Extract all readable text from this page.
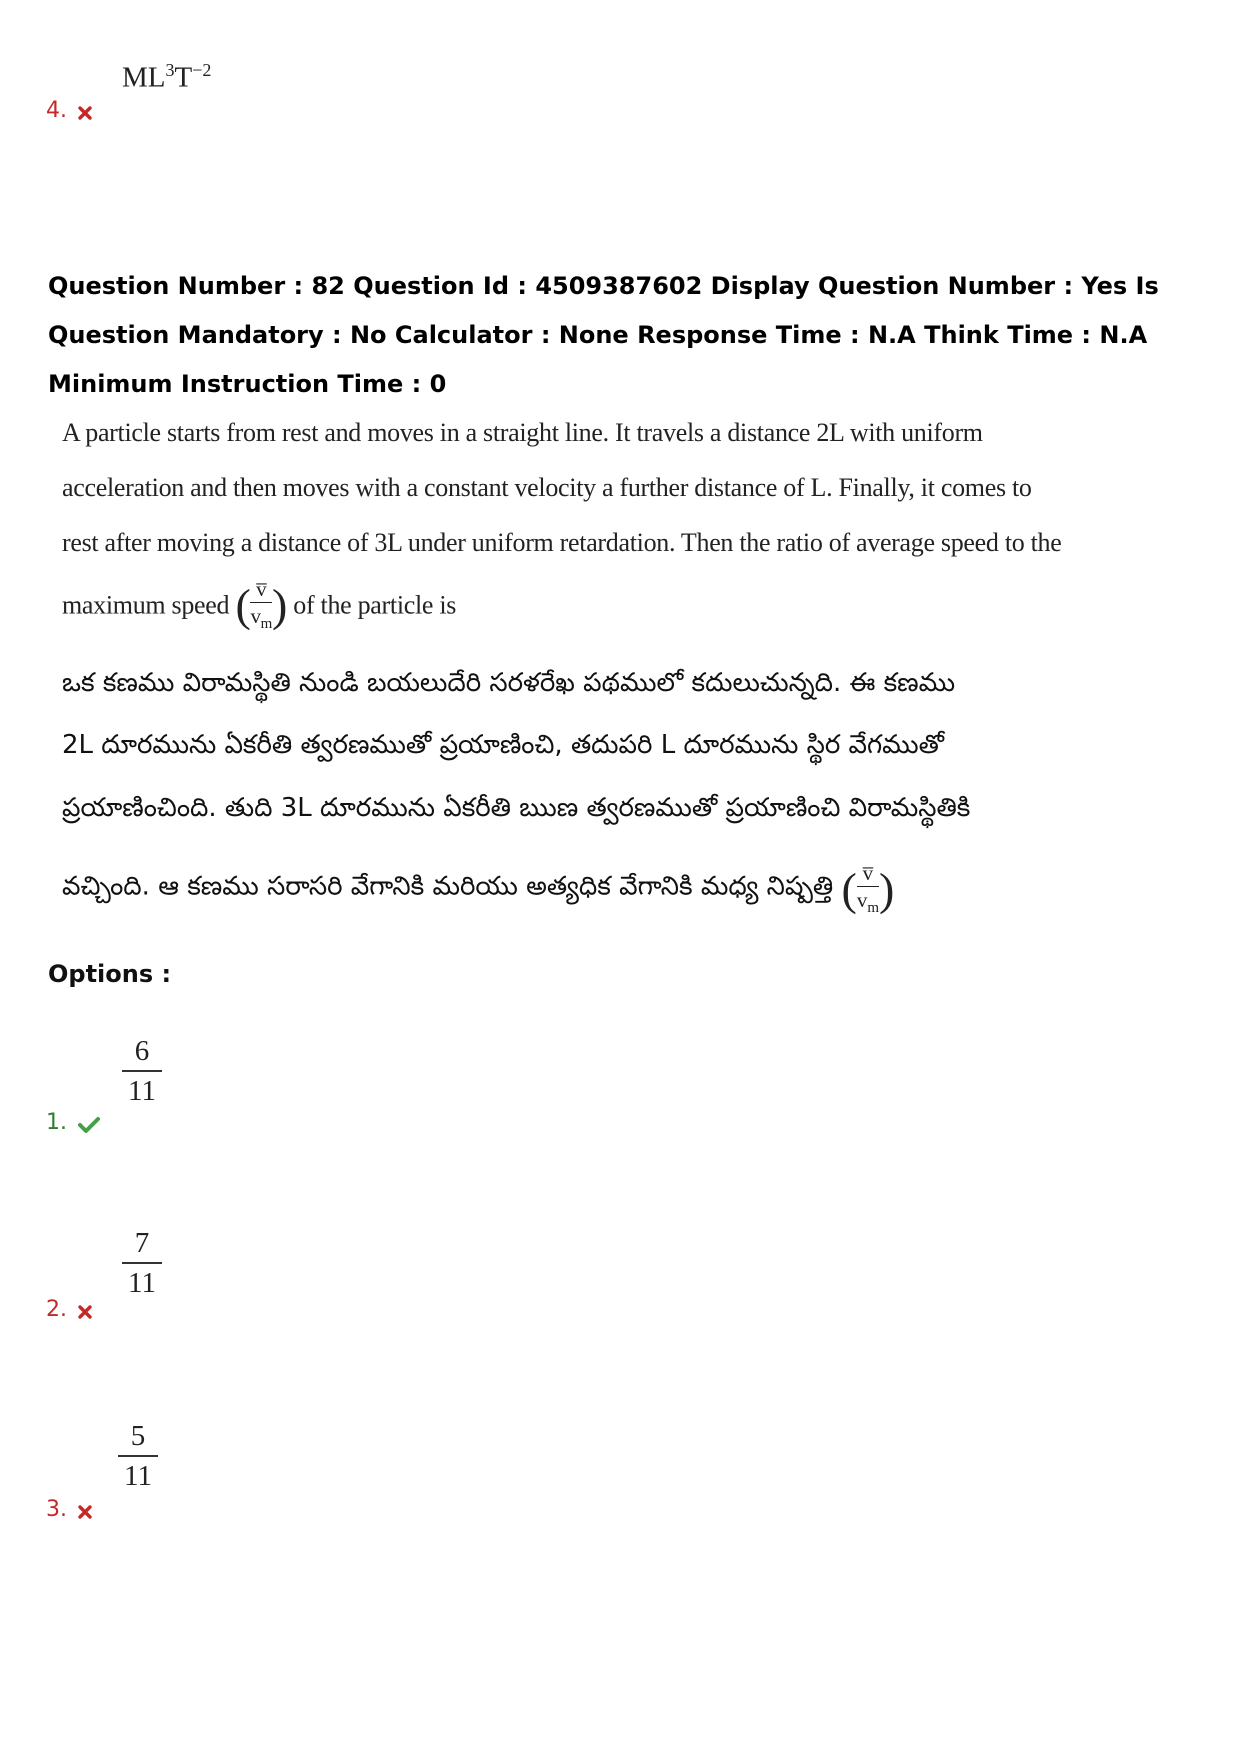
$ML^3T^{-2}$
4.
Question Number : 82 Question Id : 4509387602 Display Question Number : Yes Is Question Mandatory : No Calculator : None Response Time : N.A Think Time : N.A Minimum Instruction Time : 0
A particle starts from rest and moves in a straight line. It travels a distance 2L with uniform
acceleration and then moves with a constant velocity a further distance of L. Finally, it comes to
rest after moving a distance of 3L under uniform retardation. Then the ratio of average speed to the
maximum speed ( $\frac{v̅}{v_m}$ ) of the particle is
ఒక కణము విరామస్థితి నుండి బయలుదేరి సరళరేఖ పథములో కదులుచున్నది. ఈ కణము
2L దూరమును ఏకరీతి త్వరణముతో ప్రయాణించి, తదుపరి L దూరమును స్థిర వేగముతో
ప్రయాణించింది. తుది 3L దూరమును ఏకరీతి ఋణ త్వరణముతో ప్రయాణించి విరామస్థితికి
వచ్చింది. ఆ కణము సరాసరి వేగానికి మరియు అత్యధిక వేగానికి మధ్య నిష్పత్తి ( $\frac{v̅}{v_m}$ )
Options :
6
11
1.
7
11
2.
5
11
3.
